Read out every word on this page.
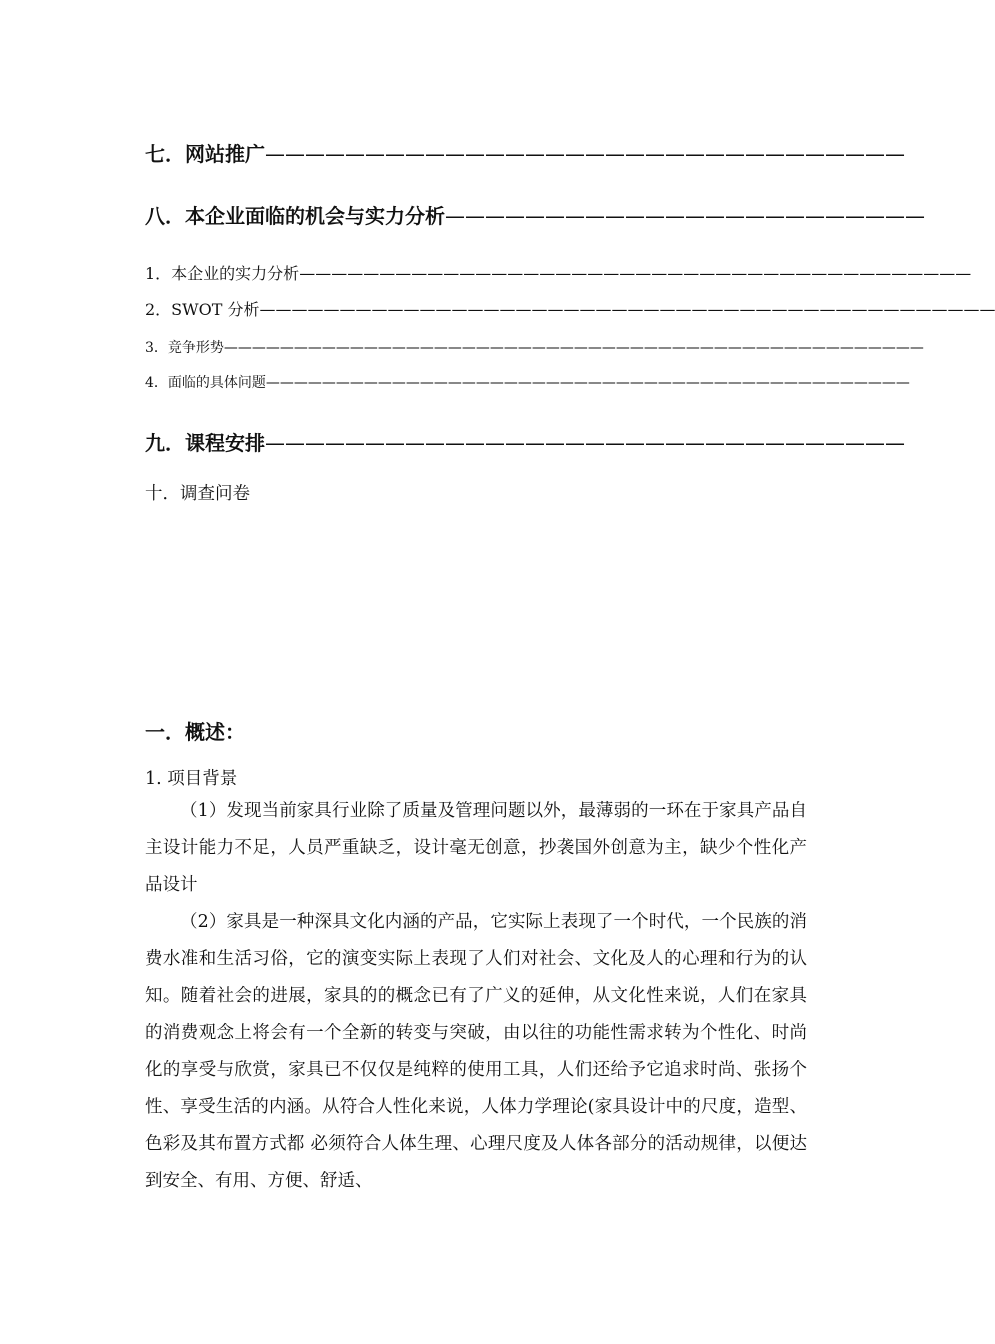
七．网站推广————————————————————————————————
八．本企业面临的机会与实力分析————————————————————————
1．本企业的实力分析——————————————————————————————————————————
2．SWOT 分析——————————————————————————————————————————————
3．竞争形势——————————————————————————————————————————————————
4．面临的具体问题——————————————————————————————————————————————
九．课程安排————————————————————————————————
十．调查问卷
一．概述：
1. 项目背景
（1）发现当前家具行业除了质量及管理问题以外，最薄弱的一环在于家具产品自主设计能力不足，人员严重缺乏，设计毫无创意，抄袭国外创意为主，缺少个性化产品设计
（2）家具是一种深具文化内涵的产品，它实际上表现了一个时代，一个民族的消费水准和生活习俗，它的演变实际上表现了人们对社会、文化及人的心理和行为的认知。随着社会的进展，家具的的概念已有了广义的延伸，从文化性来说，人们在家具的消费观念上将会有一个全新的转变与突破，由以往的功能性需求转为个性化、时尚化的享受与欣赏，家具已不仅仅是纯粹的使用工具，人们还给予它追求时尚、张扬个性、享受生活的内涵。从符合人性化来说，人体力学理论(家具设计中的尺度，造型、色彩及其布置方式都 必须符合人体生理、心理尺度及人体各部分的活动规律，以便达到安全、有用、方便、舒适、
